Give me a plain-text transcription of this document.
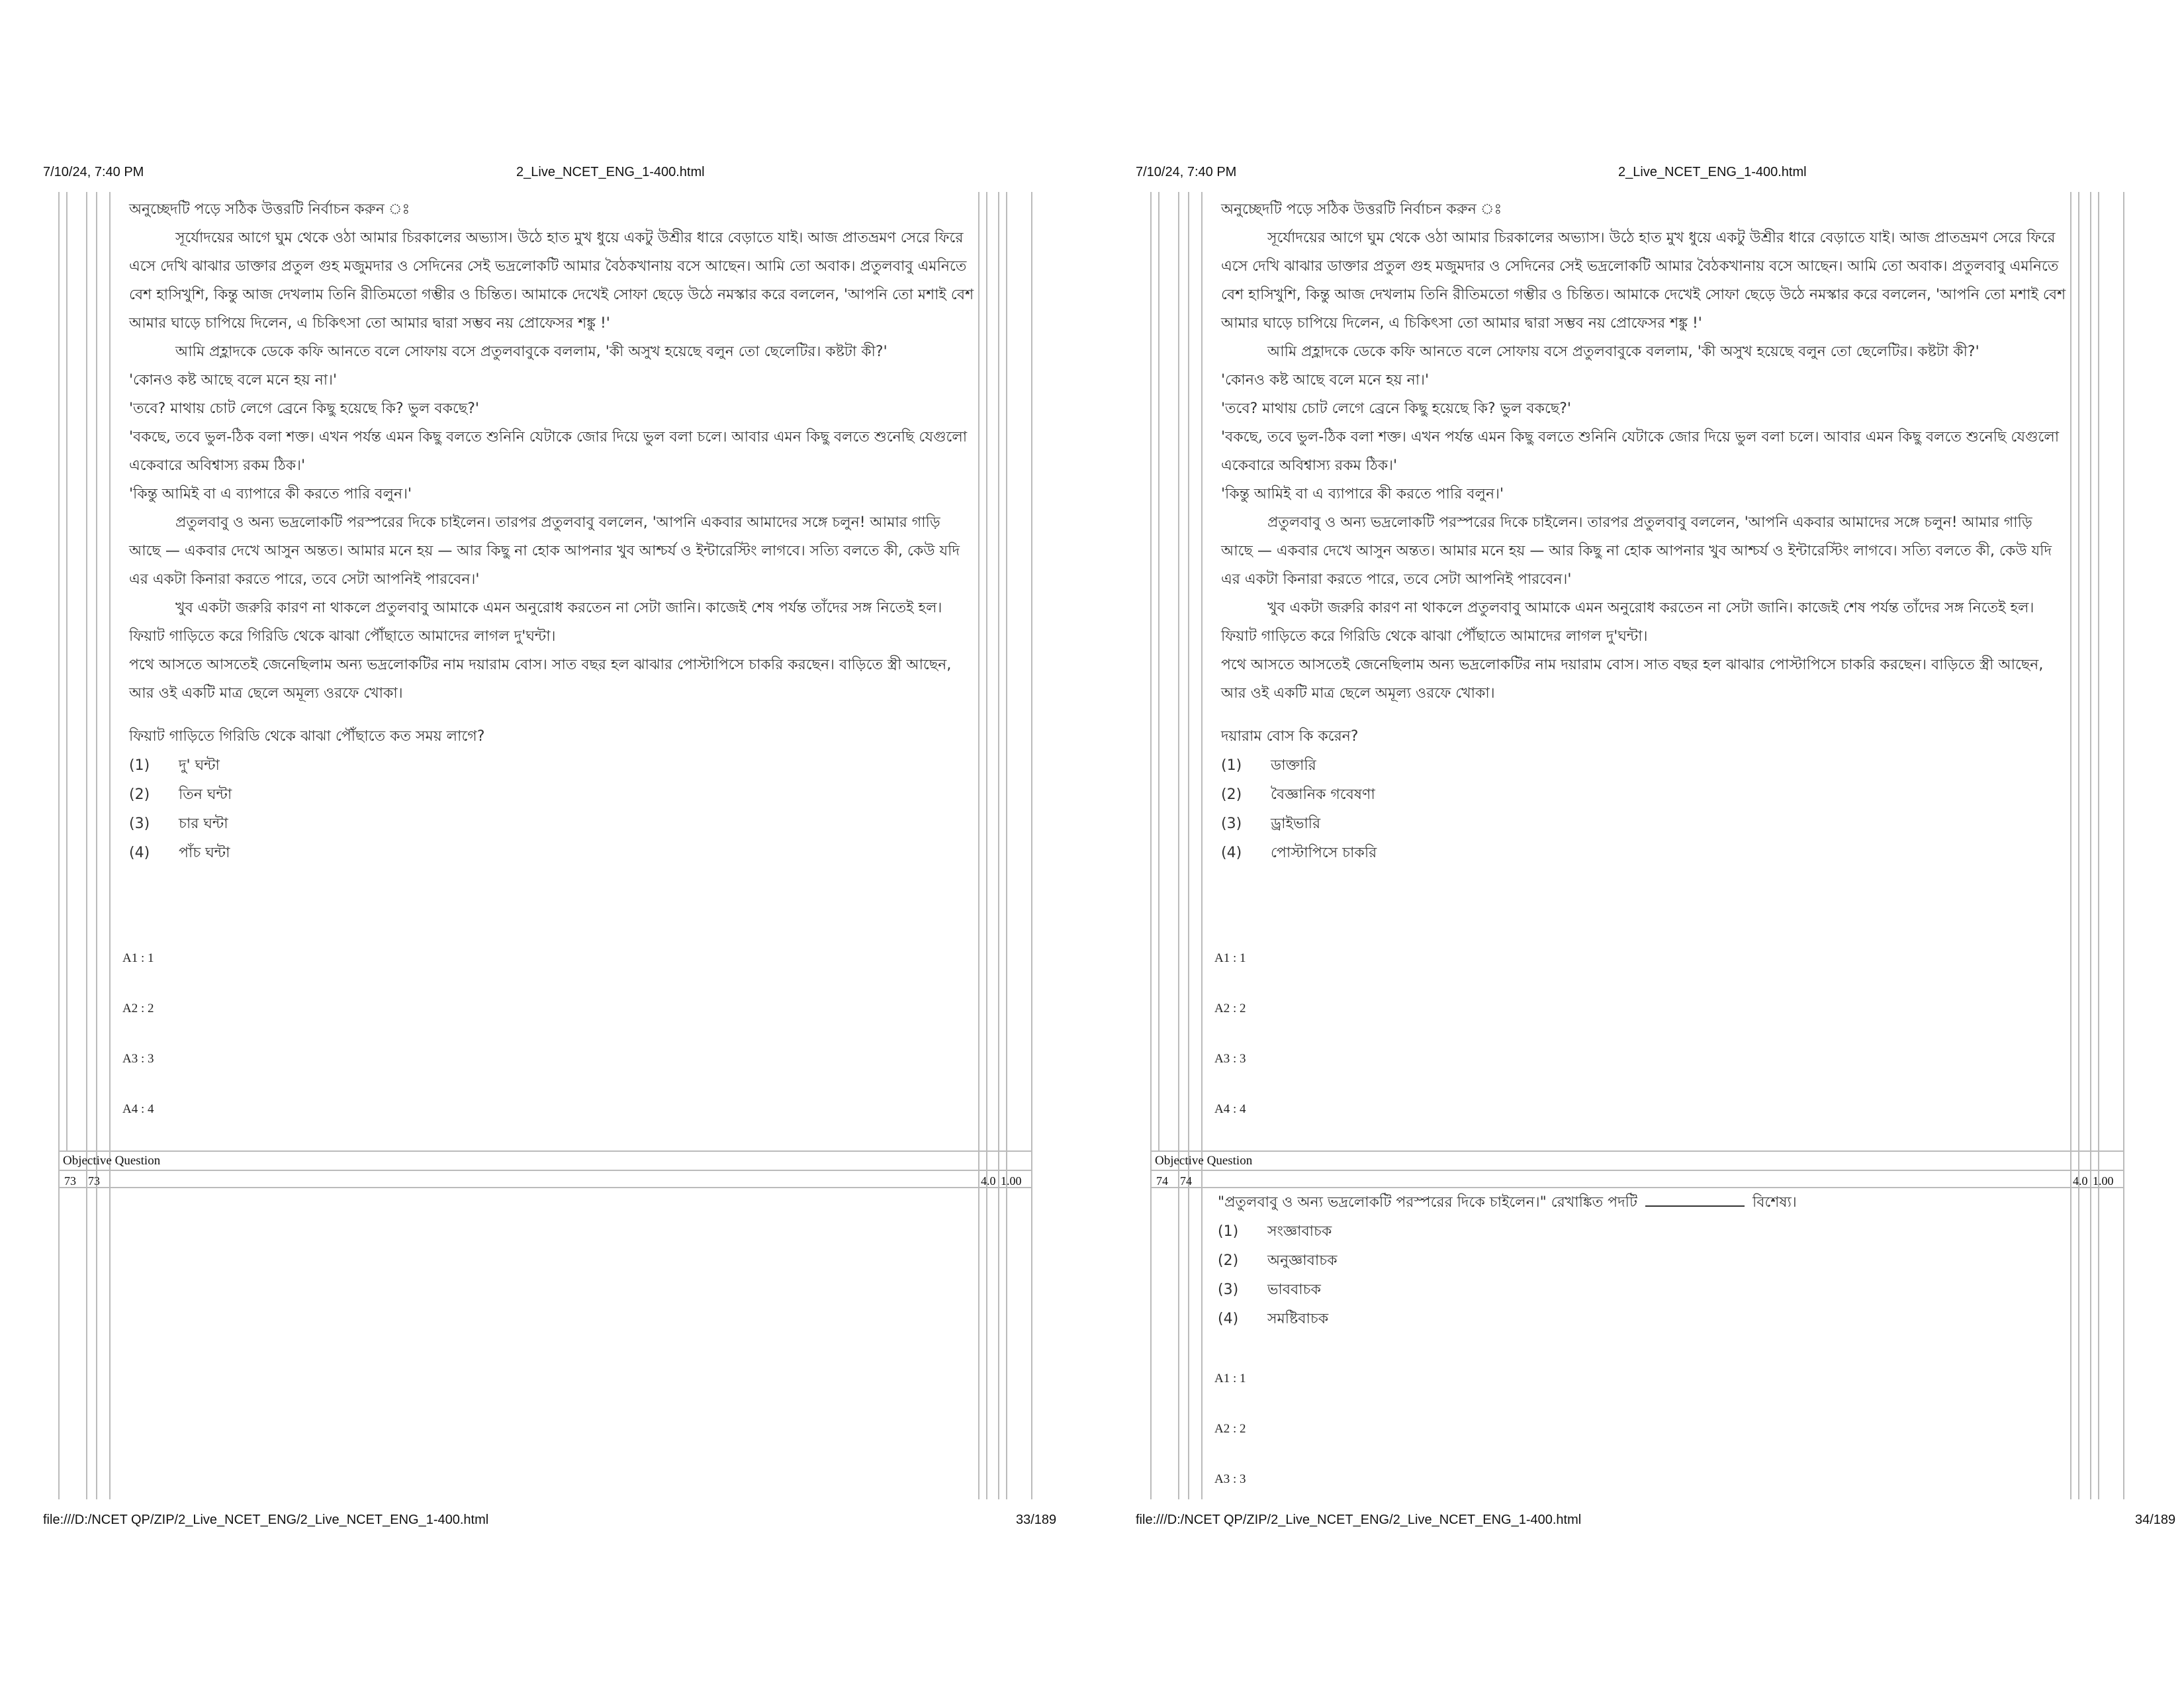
7/10/24, 7:40 PM	2_Live_NCET_ENG_1-400.html

অনুচ্ছেদটি পড়ে সঠিক উত্তরটি নির্বাচন করুন ঃ

সূর্যোদয়ের আগে ঘুম থেকে ওঠা আমার চিরকালের অভ্যাস। উঠে হাত মুখ ধুয়ে একটু উশ্রীর ধারে বেড়াতে যাই। আজ প্রাতভ্রমণ সেরে ফিরে এসে দেখি ঝাঝার ডাক্তার প্রতুল গুহ মজুমদার ও সেদিনের সেই ভদ্রলোকটি আমার বৈঠকখানায় বসে আছেন। আমি তো অবাক। প্রতুলবাবু এমনিতে বেশ হাসিখুশি, কিন্তু আজ দেখলাম তিনি রীতিমতো গম্ভীর ও চিন্তিত। আমাকে দেখেই সোফা ছেড়ে উঠে নমস্কার করে বললেন, 'আপনি তো মশাই বেশ আমার ঘাড়ে চাপিয়ে দিলেন, এ চিকিৎসা তো আমার দ্বারা সম্ভব নয় প্রোফেসর শঙ্কু !'

আমি প্রহ্লাদকে ডেকে কফি আনতে বলে সোফায় বসে প্রতুলবাবুকে বললাম, 'কী অসুখ হয়েছে বলুন তো ছেলেটির। কষ্টটা কী?'

'কোনও কষ্ট আছে বলে মনে হয় না।'

'তবে? মাথায় চোট লেগে ব্রেনে কিছু হয়েছে কি? ভুল বকছে?'

'বকছে, তবে ভুল-ঠিক বলা শক্ত। এখন পর্যন্ত এমন কিছু বলতে শুনিনি যেটাকে জোর দিয়ে ভুল বলা চলে। আবার এমন কিছু বলতে শুনেছি যেগুলো একেবারে অবিশ্বাস্য রকম ঠিক।'

'কিন্তু আমিই বা এ ব্যাপারে কী করতে পারি বলুন।'

প্রতুলবাবু ও অন্য ভদ্রলোকটি পরস্পরের দিকে চাইলেন। তারপর প্রতুলবাবু বললেন, 'আপনি একবার আমাদের সঙ্গে চলুন! আমার গাড়ি আছে — একবার দেখে আসুন অন্তত। আমার মনে হয় — আর কিছু না হোক আপনার খুব আশ্চর্য ও ইন্টারেস্টিং লাগবে। সত্যি বলতে কী, কেউ যদি এর একটা কিনারা করতে পারে, তবে সেটা আপনিই পারবেন।'

খুব একটা জরুরি কারণ না থাকলে প্রতুলবাবু আমাকে এমন অনুরোধ করতেন না সেটা জানি। কাজেই শেষ পর্যন্ত তাঁদের সঙ্গ নিতেই হল। ফিয়াট গাড়িতে করে গিরিডি থেকে ঝাঝা পৌঁছাতে আমাদের লাগল দু'ঘন্টা।

পথে আসতে আসতেই জেনেছিলাম অন্য ভদ্রলোকটির নাম দয়ারাম বোস। সাত বছর হল ঝাঝার পোস্টাপিসে চাকরি করছেন। বাড়িতে স্ত্রী আছেন, আর ওই একটি মাত্র ছেলে অমূল্য ওরফে খোকা।

ফিয়াট গাড়িতে গিরিডি থেকে ঝাঝা পৌঁছাতে কত সময় লাগে?

(1)	দু' ঘন্টা
(2)	তিন ঘন্টা
(3)	চার ঘন্টা
(4)	পাঁচ ঘন্টা
A1 : 1
A2 : 2
A3 : 3
A4 : 4
Objective Question
73 73	4.0 1.00
file:///D:/NCET QP/ZIP/2_Live_NCET_ENG/2_Live_NCET_ENG_1-400.html	33/189
7/10/24, 7:40 PM	2_Live_NCET_ENG_1-400.html

অনুচ্ছেদটি পড়ে সঠিক উত্তরটি নির্বাচন করুন ঃ

সূর্যোদয়ের আগে ঘুম থেকে ওঠা আমার চিরকালের অভ্যাস। উঠে হাত মুখ ধুয়ে একটু উশ্রীর ধারে বেড়াতে যাই। আজ প্রাতভ্রমণ সেরে ফিরে এসে দেখি ঝাঝার ডাক্তার প্রতুল গুহ মজুমদার ও সেদিনের সেই ভদ্রলোকটি আমার বৈঠকখানায় বসে আছেন। আমি তো অবাক। প্রতুলবাবু এমনিতে বেশ হাসিখুশি, কিন্তু আজ দেখলাম তিনি রীতিমতো গম্ভীর ও চিন্তিত। আমাকে দেখেই সোফা ছেড়ে উঠে নমস্কার করে বললেন, 'আপনি তো মশাই বেশ আমার ঘাড়ে চাপিয়ে দিলেন, এ চিকিৎসা তো আমার দ্বারা সম্ভব নয় প্রোফেসর শঙ্কু !'

আমি প্রহ্লাদকে ডেকে কফি আনতে বলে সোফায় বসে প্রতুলবাবুকে বললাম, 'কী অসুখ হয়েছে বলুন তো ছেলেটির। কষ্টটা কী?'

'কোনও কষ্ট আছে বলে মনে হয় না।'

'তবে? মাথায় চোট লেগে ব্রেনে কিছু হয়েছে কি? ভুল বকছে?'

'বকছে, তবে ভুল-ঠিক বলা শক্ত। এখন পর্যন্ত এমন কিছু বলতে শুনিনি যেটাকে জোর দিয়ে ভুল বলা চলে। আবার এমন কিছু বলতে শুনেছি যেগুলো একেবারে অবিশ্বাস্য রকম ঠিক।'

'কিন্তু আমিই বা এ ব্যাপারে কী করতে পারি বলুন।'

প্রতুলবাবু ও অন্য ভদ্রলোকটি পরস্পরের দিকে চাইলেন। তারপর প্রতুলবাবু বললেন, 'আপনি একবার আমাদের সঙ্গে চলুন! আমার গাড়ি আছে — একবার দেখে আসুন অন্তত। আমার মনে হয় — আর কিছু না হোক আপনার খুব আশ্চর্য ও ইন্টারেস্টিং লাগবে। সত্যি বলতে কী, কেউ যদি এর একটা কিনারা করতে পারে, তবে সেটা আপনিই পারবেন।'

খুব একটা জরুরি কারণ না থাকলে প্রতুলবাবু আমাকে এমন অনুরোধ করতেন না সেটা জানি। কাজেই শেষ পর্যন্ত তাঁদের সঙ্গ নিতেই হল। ফিয়াট গাড়িতে করে গিরিডি থেকে ঝাঝা পৌঁছাতে আমাদের লাগল দু'ঘন্টা।

পথে আসতে আসতেই জেনেছিলাম অন্য ভদ্রলোকটির নাম দয়ারাম বোস। সাত বছর হল ঝাঝার পোস্টাপিসে চাকরি করছেন। বাড়িতে স্ত্রী আছেন, আর ওই একটি মাত্র ছেলে অমূল্য ওরফে খোকা।

দয়ারাম বোস কি করেন?

(1)	ডাক্তারি
(2)	বৈজ্ঞানিক গবেষণা
(3)	ড্রাইভারি
(4)	পোস্টাপিসে চাকরি
A1 : 1
A2 : 2
A3 : 3
A4 : 4
Objective Question
74 74	4.0 1.00
file:///D:/NCET QP/ZIP/2_Live_NCET_ENG/2_Live_NCET_ENG_1-400.html	34/189

"প্রতুলবাবু ও অন্য ভদ্রলোকটি পরস্পরের দিকে চাইলেন।" রেখাঙ্কিত পদটি	বিশেষ্য।

(1)	সংজ্ঞাবাচক
(2)	অনুজ্ঞাবাচক
(3)	ভাববাচক
(4)	সমষ্টিবাচক
A1 : 1
A2 : 2
A3 : 3
